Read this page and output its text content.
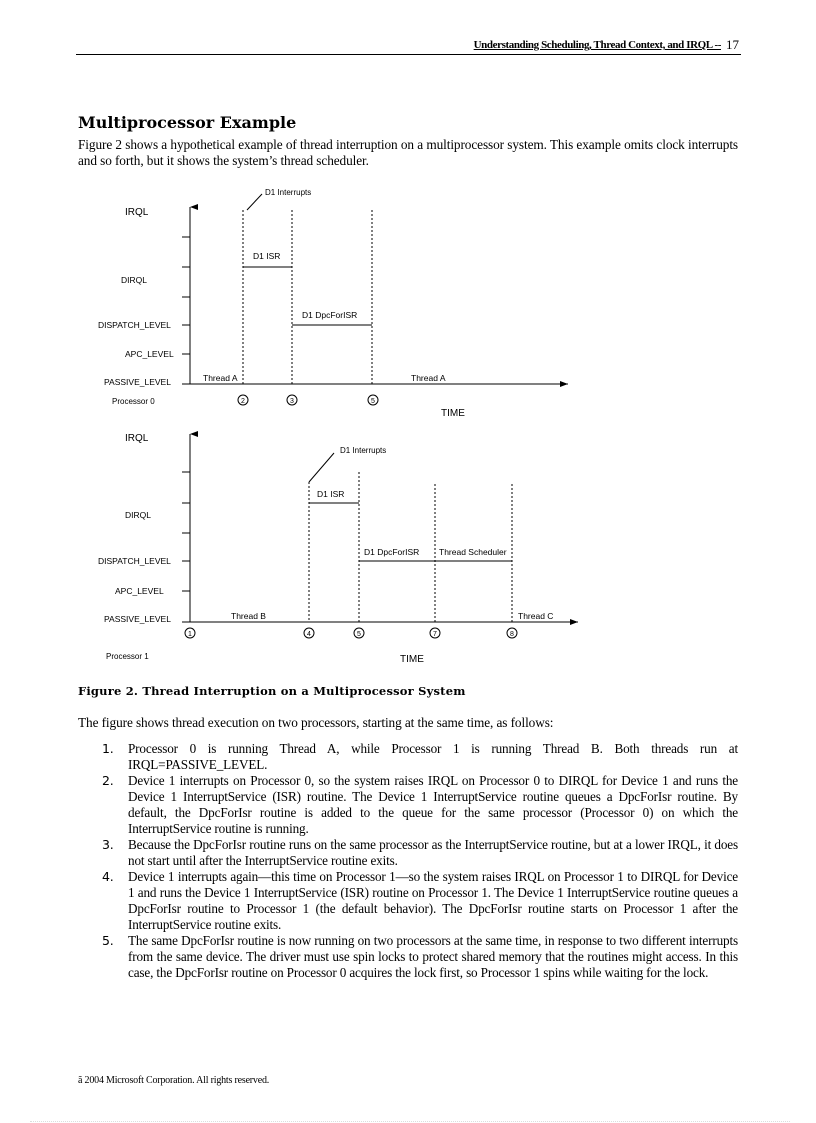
Understanding Scheduling, Thread Context, and IRQL -- 17
Multiprocessor Example

Figure 2 shows a hypothetical example of thread interruption on a multiprocessor system. This example omits clock interrupts and so forth, but it shows the system’s thread scheduler.

IRQL
DIRQL
DISPATCH_LEVEL
APC_LEVEL
PASSIVE_LEVEL
Processor 0
TIME
D1 ISR
D1 DpcForISR
D1 Interrupts
Thread A	Thread A
2	3	5
IRQL
DIRQL
DISPATCH_LEVEL
APC_LEVEL
PASSIVE_LEVEL
Processor 1	TIME
D1 ISR
D1 DpcForISR Thread Scheduler
D1 Interrupts
Thread B	Thread C
1	4	5	7	8
Figure 2. Thread Interruption on a Multiprocessor System
The figure shows thread execution on two processors, starting at the same time, as follows:
1. Processor 0 is running Thread A, while Processor 1 is running Thread B. Both threads run at IRQL=PASSIVE_LEVEL.
2. Device 1 interrupts on Processor 0, so the system raises IRQL on Processor 0 to DIRQL for Device 1 and runs the Device 1 InterruptService (ISR) routine. The Device 1 InterruptService routine queues a DpcForIsr routine. By default, the DpcForIsr routine is added to the queue for the same processor (Processor 0) on which the InterruptService routine is running.
3. Because the DpcForIsr routine runs on the same processor as the InterruptService routine, but at a lower IRQL, it does not start until after the InterruptService routine exits.
4. Device 1 interrupts again—this time on Processor 1—so the system raises IRQL on Processor 1 to DIRQL for Device 1 and runs the Device 1 InterruptService (ISR) routine on Processor 1. The Device 1 InterruptService routine queues a DpcForIsr routine to Processor 1 (the default behavior). The DpcForIsr routine starts on Processor 1 after the InterruptService routine exits.
5. The same DpcForIsr routine is now running on two processors at the same time, in response to two different interrupts from the same device. The driver must use spin locks to protect shared memory that the routines might access. In this case, the DpcForIsr routine on Processor 0 acquires the lock first, so Processor 1 spins while waiting for the lock.
ã 2004 Microsoft Corporation. All rights reserved.
